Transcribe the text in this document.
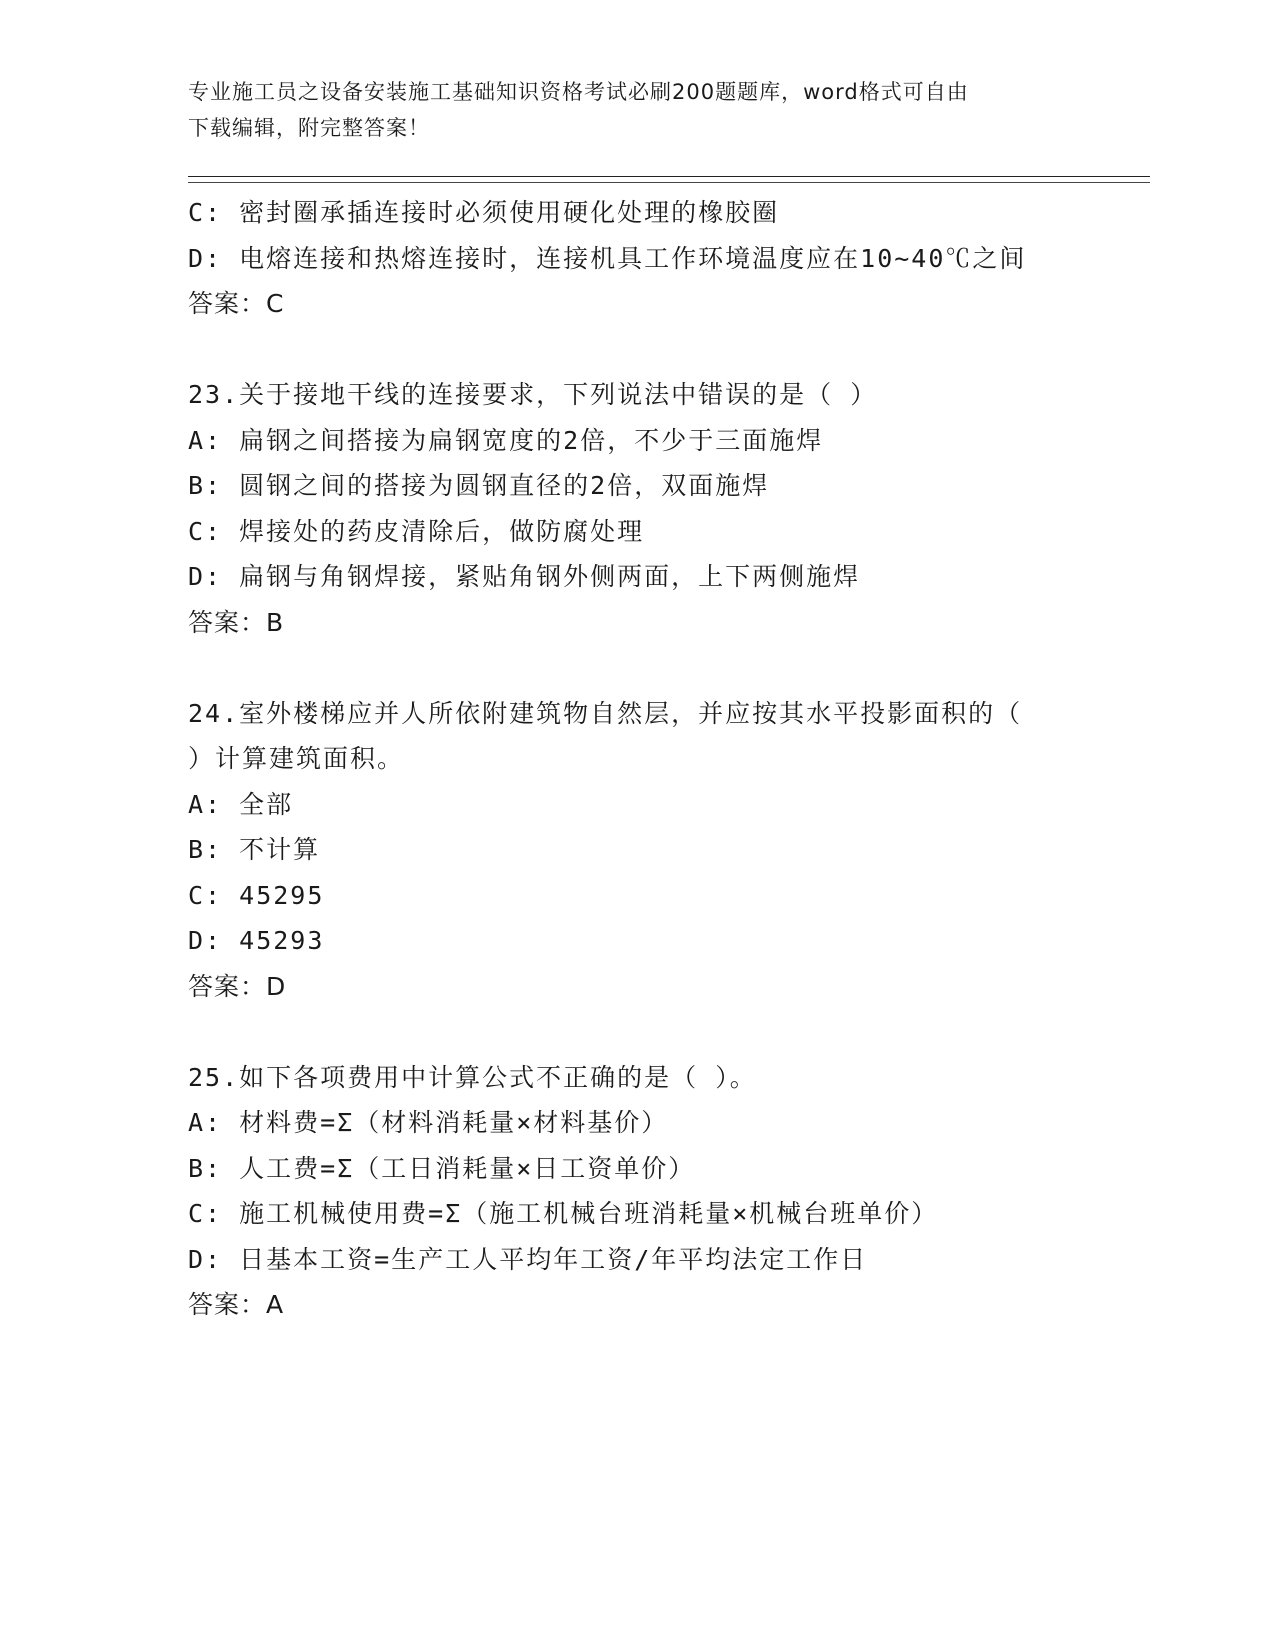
专业施工员之设备安装施工基础知识资格考试必刷200题题库，word格式可自由
下载编辑，附完整答案！
C: 密封圈承插连接时必须使用硬化处理的橡胶圈
D: 电熔连接和热熔连接时，连接机具工作环境温度应在10~40℃之间
答案：C
23.关于接地干线的连接要求，下列说法中错误的是（ ）
A: 扁钢之间搭接为扁钢宽度的2倍，不少于三面施焊
B: 圆钢之间的搭接为圆钢直径的2倍，双面施焊
C: 焊接处的药皮清除后，做防腐处理
D: 扁钢与角钢焊接，紧贴角钢外侧两面，上下两侧施焊
答案：B
24.室外楼梯应并人所依附建筑物自然层，并应按其水平投影面积的（
）计算建筑面积。
A: 全部
B: 不计算
C: 45295
D: 45293
答案：D
25.如下各项费用中计算公式不正确的是（ ）。
A: 材料费=Σ（材料消耗量×材料基价）
B: 人工费=Σ（工日消耗量×日工资单价）
C: 施工机械使用费=Σ（施工机械台班消耗量×机械台班单价）
D: 日基本工资=生产工人平均年工资/年平均法定工作日
答案：A
